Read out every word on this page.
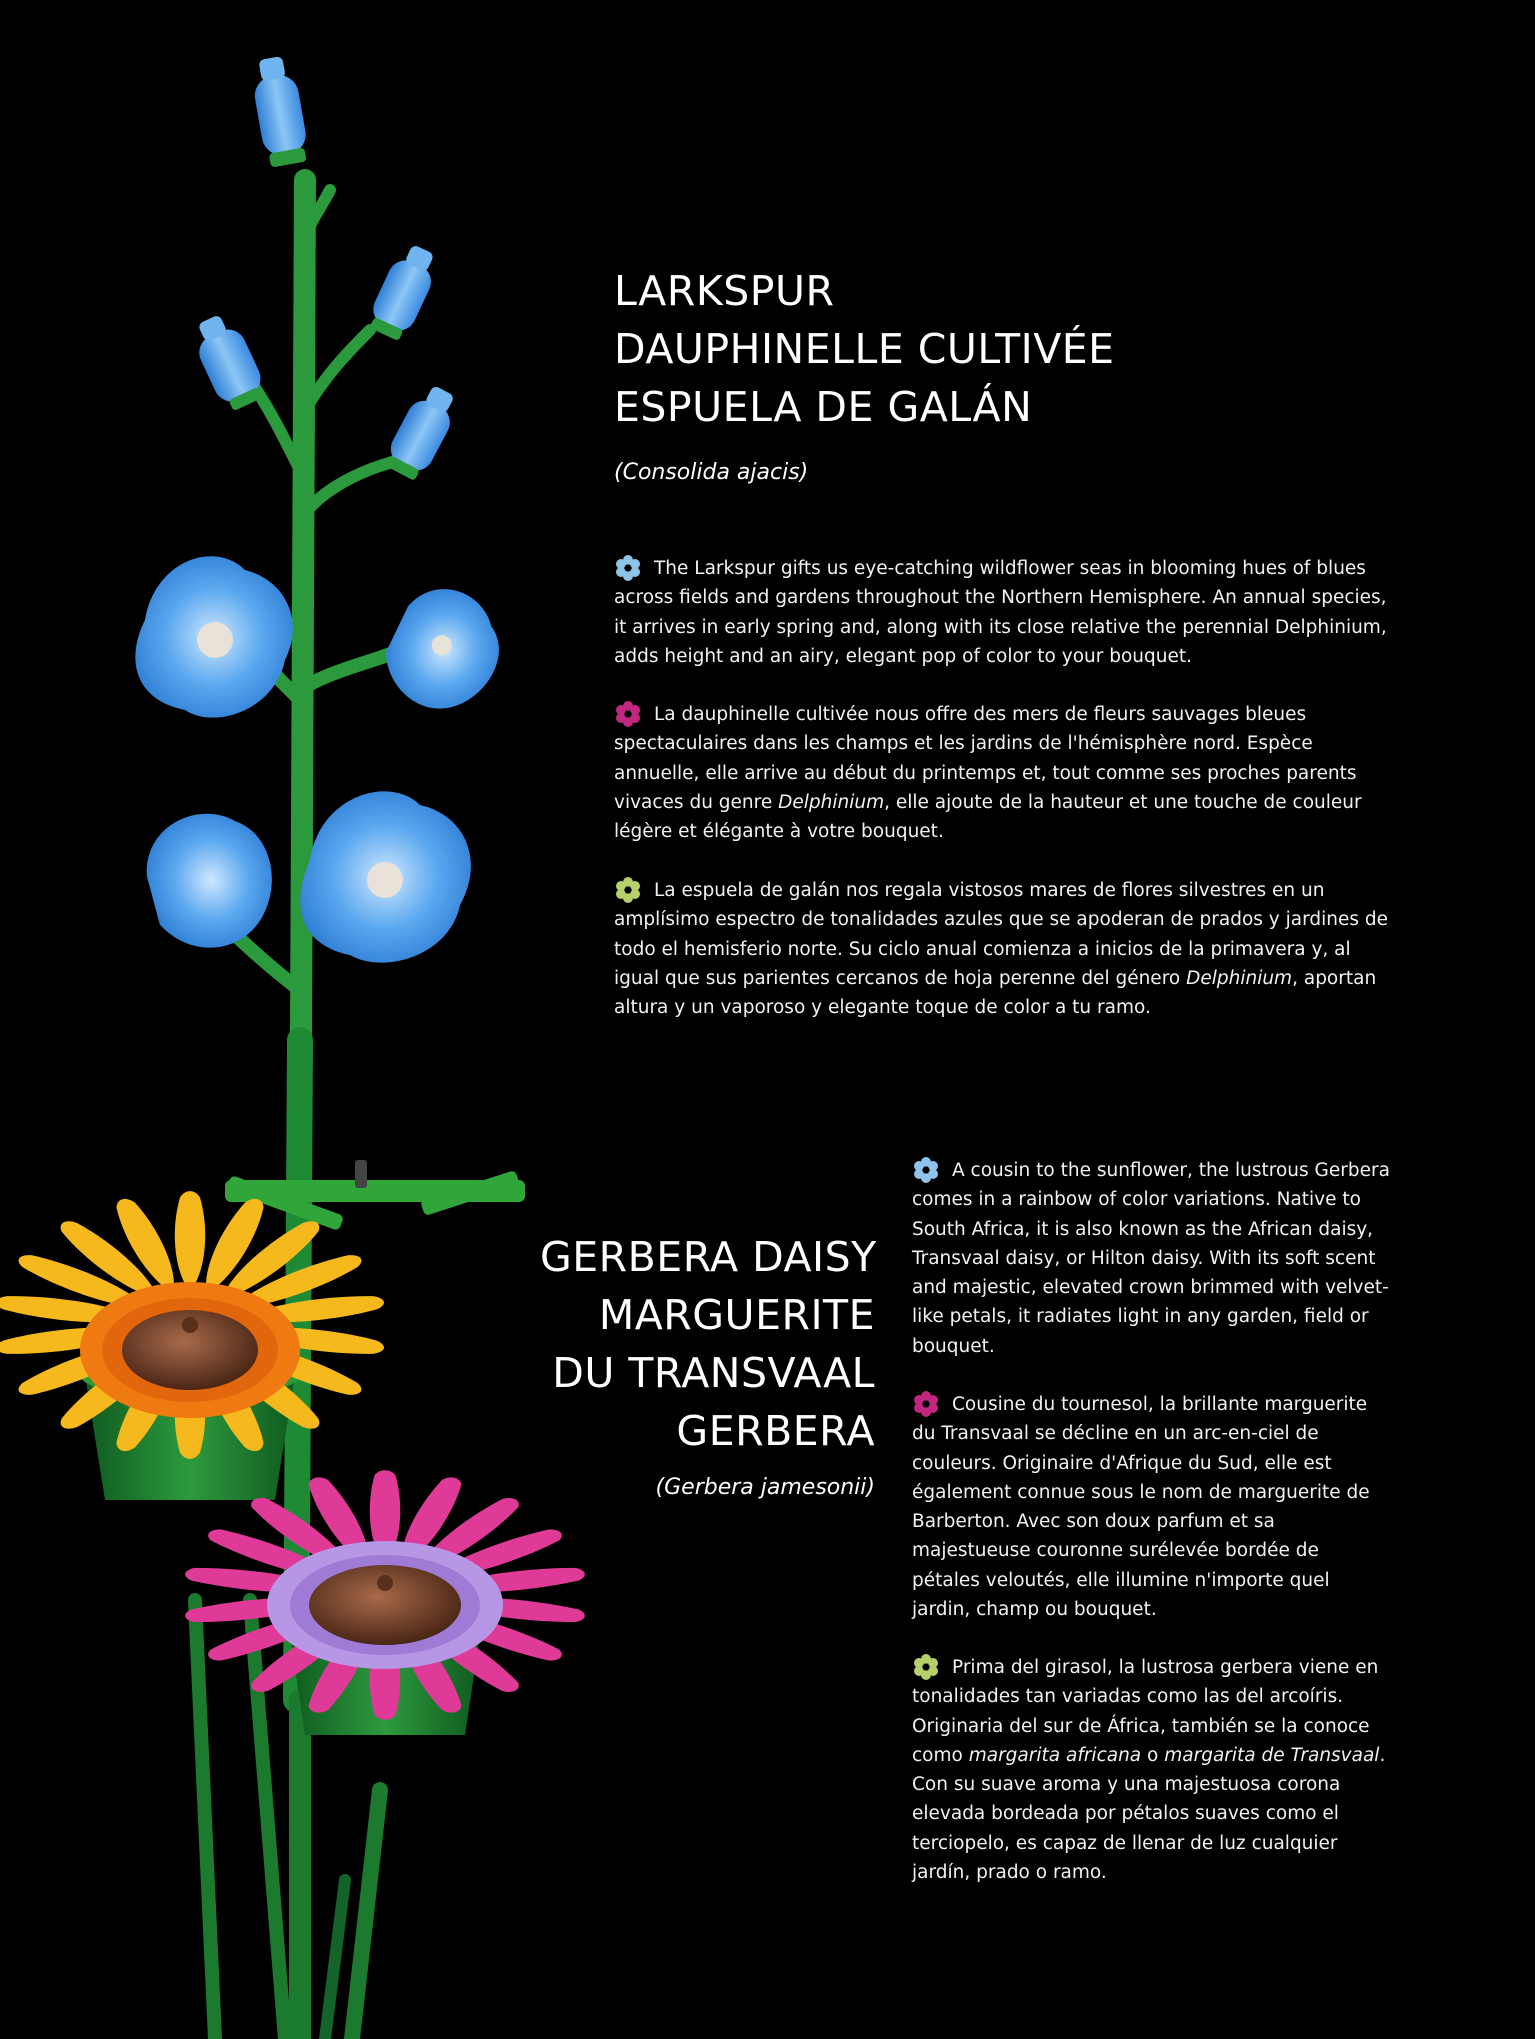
LARKSPUR
DAUPHINELLE CULTIVÉE
ESPUELA DE GALÁN

(Consolida ajacis)

The Larkspur gifts us eye-catching wildflower seas in blooming hues of blues across fields and gardens throughout the Northern Hemisphere. An annual species, it arrives in early spring and, along with its close relative the perennial Delphinium, adds height and an airy, elegant pop of color to your bouquet.

La dauphinelle cultivée nous offre des mers de fleurs sauvages bleues spectaculaires dans les champs et les jardins de l'hémisphère nord. Espèce annuelle, elle arrive au début du printemps et, tout comme ses proches parents vivaces du genre Delphinium, elle ajoute de la hauteur et une touche de couleur légère et élégante à votre bouquet.

La espuela de galán nos regala vistosos mares de flores silvestres en un amplísimo espectro de tonalidades azules que se apoderan de prados y jardines de todo el hemisferio norte. Su ciclo anual comienza a inicios de la primavera y, al igual que sus parientes cercanos de hoja perenne del género Delphinium, aportan altura y un vaporoso y elegante toque de color a tu ramo.

GERBERA DAISY
MARGUERITE
DU TRANSVAAL
GERBERA

(Gerbera jamesonii)

A cousin to the sunflower, the lustrous Gerbera comes in a rainbow of color variations. Native to South Africa, it is also known as the African daisy, Transvaal daisy, or Hilton daisy. With its soft scent and majestic, elevated crown brimmed with velvet-like petals, it radiates light in any garden, field or bouquet.

Cousine du tournesol, la brillante marguerite du Transvaal se décline en un arc-en-ciel de couleurs. Originaire d'Afrique du Sud, elle est également connue sous le nom de marguerite de Barberton. Avec son doux parfum et sa majestueuse couronne surélevée bordée de pétales veloutés, elle illumine n'importe quel jardin, champ ou bouquet.

Prima del girasol, la lustrosa gerbera viene en tonalidades tan variadas como las del arcoíris. Originaria del sur de África, también se la conoce como margarita africana o margarita de Transvaal. Con su suave aroma y una majestuosa corona elevada bordeada por pétalos suaves como el terciopelo, es capaz de llenar de luz cualquier jardín, prado o ramo.
